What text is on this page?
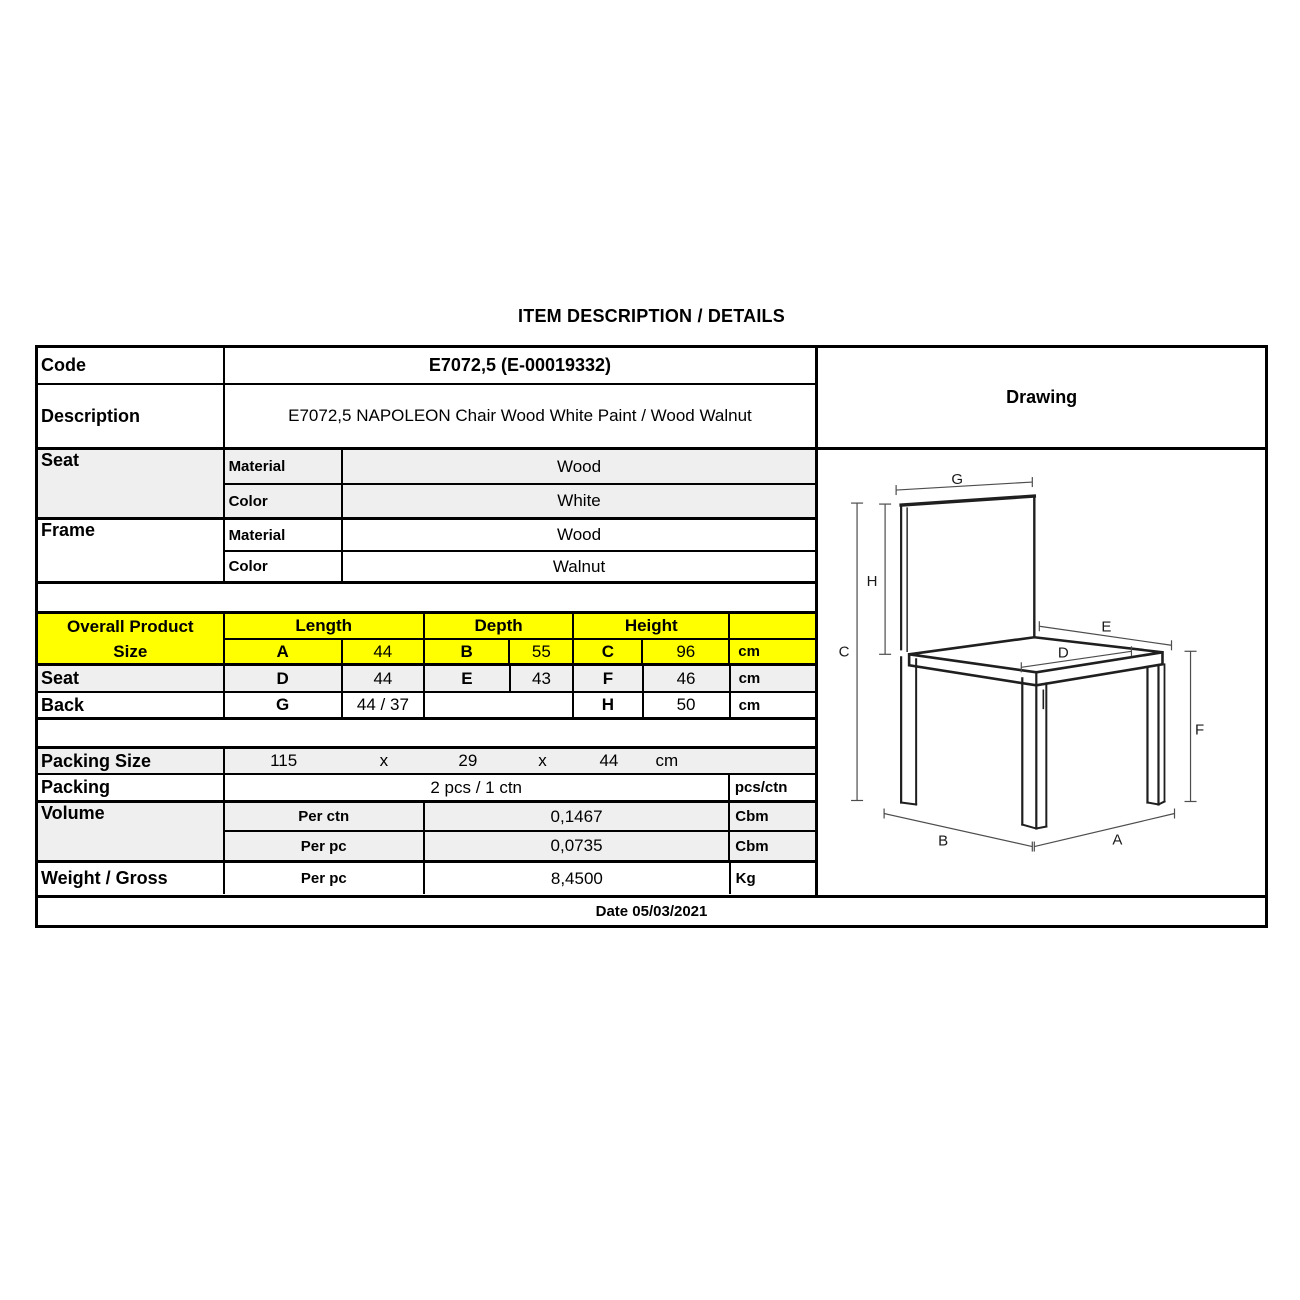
ITEM DESCRIPTION / DETAILS
Code	E7072,5 (E-00019332)
Description	E7072,5 NAPOLEON Chair Wood White Paint / Wood Walnut
Seat	Material	Wood
Color	White
Frame	Material	Wood
Color	Walnut
Overall Product
Size
Length	Depth	Height
A	44	B	55	C	96	cm
Seat	D	44	E	43	F	46	cm
Back	G	44 / 37	H	50	cm
Packing Size	115	x	29	x	44	cm
Packing	2 pcs / 1 ctn	pcs/ctn
Volume	Per ctn	0,1467	Cbm
Per pc	0,0735	Cbm
Weight / Gross	Per pc	8,4500	Kg
Drawing
G
H
C
E
D
F
A
B
Date 05/03/2021
